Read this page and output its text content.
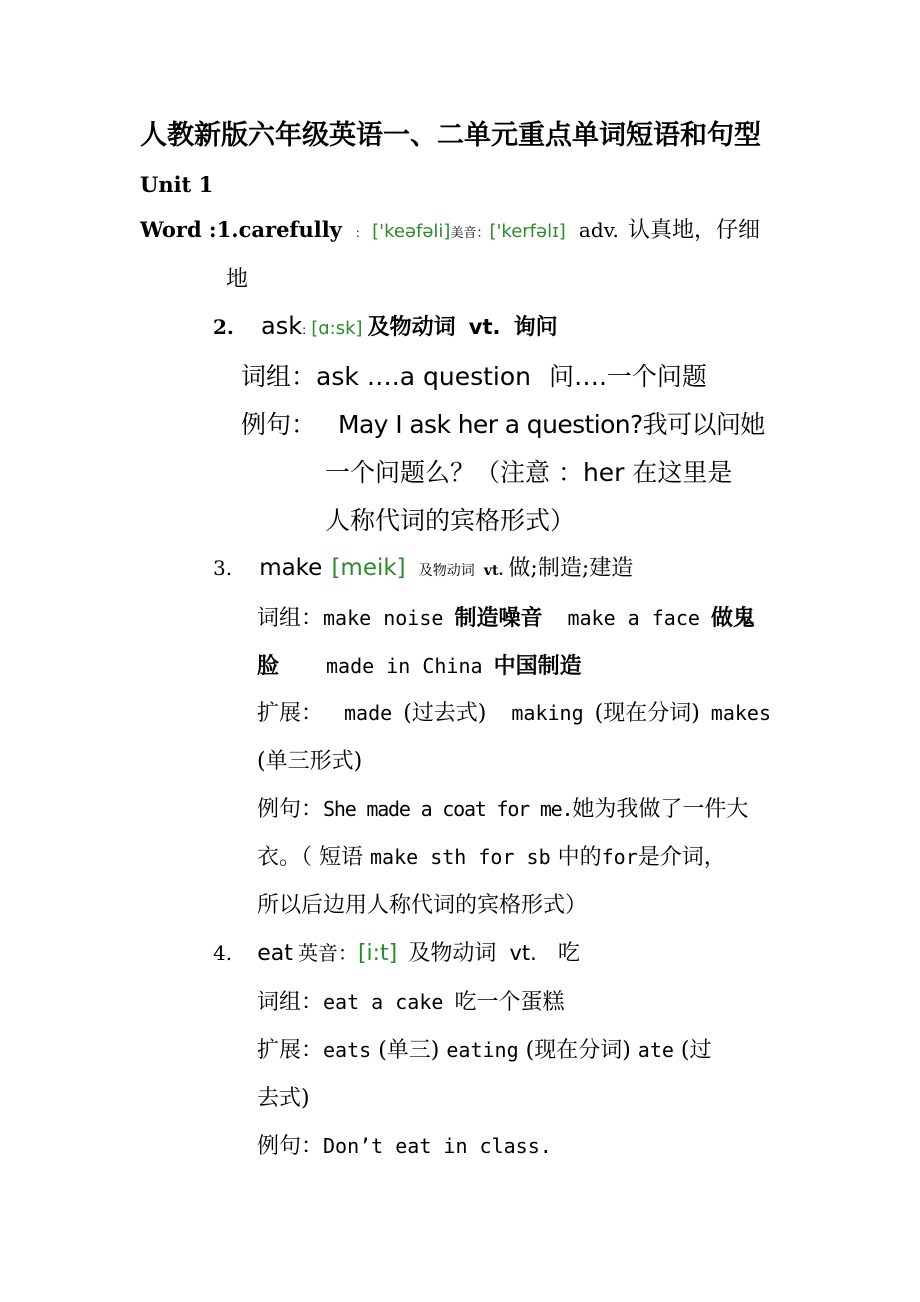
人教新版六年级英语一、二单元重点单词短语和句型
Unit 1
Word :1.carefully ： ['keəfəli]美音：['kerfəlɪ] adv. 认真地，仔细
地
2. ask: [ɑ:sk] 及物动词 vt. 询问
词组：ask ….a question 问….一个问题
例句： May I ask her a question?我可以问她
一个问题么？（注意 ：her 在这里是
人称代词的宾格形式）
3. make [meik] 及物动词 vt. 做;制造;建造
词组：make noise 制造噪音 make a face 做鬼
脸 made in China 中国制造
扩展： made (过去式) making (现在分词) makes
(单三形式)
例句：She made a coat for me.她为我做了一件大
衣。（ 短语 make sth for sb 中的for是介词，
所以后边用人称代词的宾格形式）
4. eat 英音：[i:t] 及物动词 vt. 吃
词组：eat a cake 吃一个蛋糕
扩展：eats (单三) eating (现在分词) ate (过
去式)
例句：Don’t eat in class.
